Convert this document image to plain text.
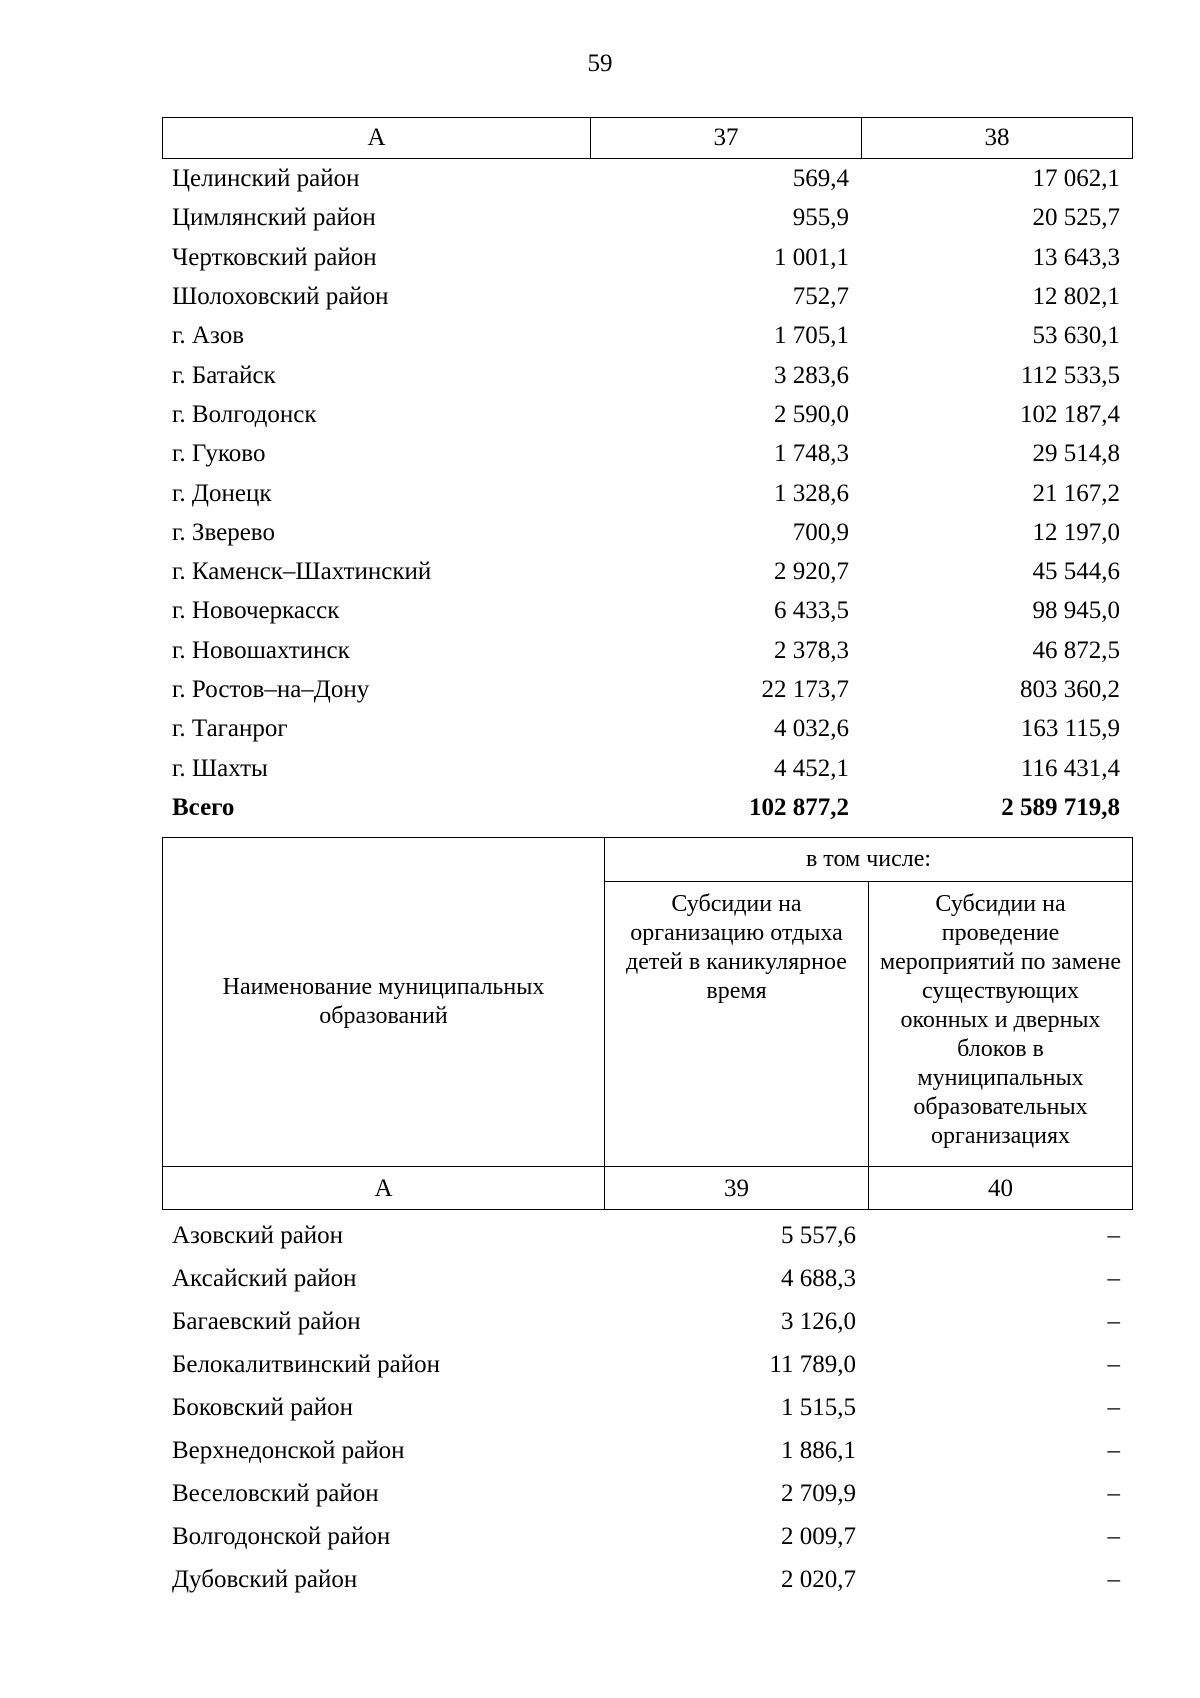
59
А	37	38
Целинский район	569,4	17 062,1
Цимлянский район	955,9	20 525,7
Чертковский район	1 001,1	13 643,3
Шолоховский район	752,7	12 802,1
г. Азов	1 705,1	53 630,1
г. Батайск	3 283,6	112 533,5
г. Волгодонск	2 590,0	102 187,4
г. Гуково	1 748,3	29 514,8
г. Донецк	1 328,6	21 167,2
г. Зверево	700,9	12 197,0
г. Каменск–Шахтинский	2 920,7	45 544,6
г. Новочеркасск	6 433,5	98 945,0
г. Новошахтинск	2 378,3	46 872,5
г. Ростов–на–Дону	22 173,7	803 360,2
г. Таганрог	4 032,6	163 115,9
г. Шахты	4 452,1	116 431,4
Всего	102 877,2	2 589 719,8
Наименование муниципальных образований	в том числе:	
	Субсидии на организацию отдыха детей в каникулярное время	Субсидии на проведение мероприятий по замене существующих оконных и дверных блоков в муниципальных образовательных организациях
А	39	40
Азовский район	5 557,6	–
Аксайский район	4 688,3	–
Багаевский район	3 126,0	–
Белокалитвинский район	11 789,0	–
Боковский район	1 515,5	–
Верхнедонской район	1 886,1	–
Веселовский район	2 709,9	–
Волгодонской район	2 009,7	–
Дубовский район	2 020,7	–
